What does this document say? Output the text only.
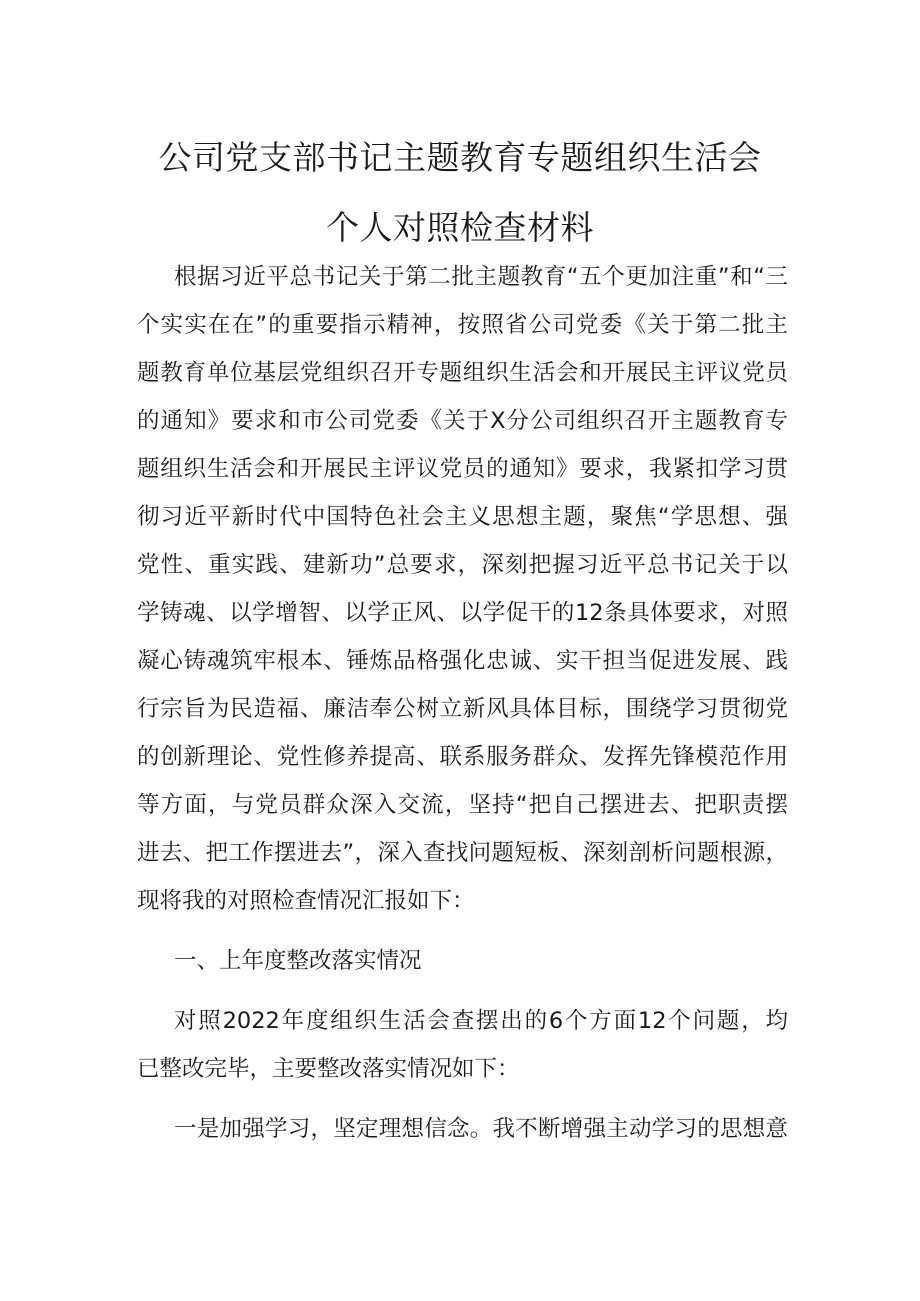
公司党支部书记主题教育专题组织生活会
个人对照检查材料

根据习近平总书记关于第二批主题教育“五个更加注重”和“三

个实实在在”的重要指示精神，按照省公司党委《关于第二批主

题教育单位基层党组织召开专题组织生活会和开展民主评议党员

的通知》要求和市公司党委《关于X分公司组织召开主题教育专

题组织生活会和开展民主评议党员的通知》要求，我紧扣学习贯

彻习近平新时代中国特色社会主义思想主题，聚焦“学思想、强

党性、重实践、建新功”总要求，深刻把握习近平总书记关于以

学铸魂、以学增智、以学正风、以学促干的12条具体要求，对照

凝心铸魂筑牢根本、锤炼品格强化忠诚、实干担当促进发展、践

行宗旨为民造福、廉洁奉公树立新风具体目标，围绕学习贯彻党

的创新理论、党性修养提高、联系服务群众、发挥先锋模范作用

等方面，与党员群众深入交流，坚持“把自己摆进去、把职责摆

进去、把工作摆进去”，深入查找问题短板、深刻剖析问题根源，

现将我的对照检查情况汇报如下：

一、上年度整改落实情况

对照2022年度组织生活会查摆出的6个方面12个问题，均

已整改完毕，主要整改落实情况如下：

一是加强学习，坚定理想信念。我不断增强主动学习的思想意
